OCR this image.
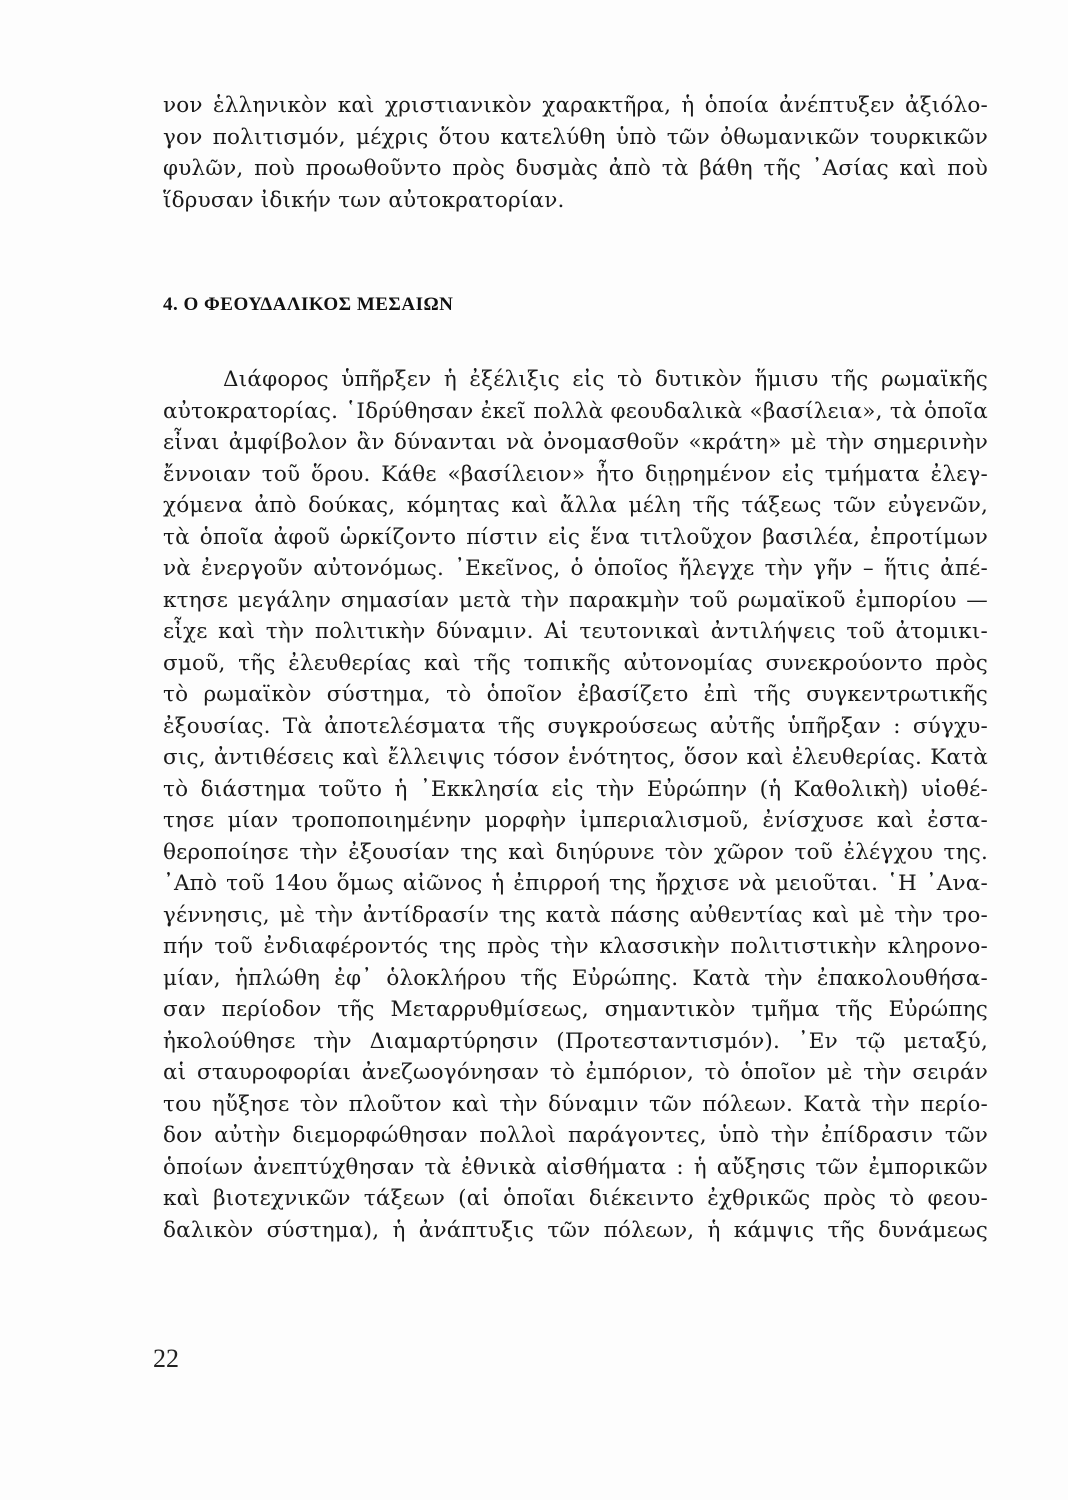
νον ἑλληνικὸν καὶ χριστιανικὸν χαρακτῆρα, ἡ ὁποία ἀνέπτυξεν ἀξιόλο-
γον πολιτισμόν, μέχρις ὅτου κατελύθη ὑπὸ τῶν ὀθωμανικῶν τουρκικῶν
φυλῶν, ποὺ προωθοῦντο πρὸς δυσμὰς ἀπὸ τὰ βάθη τῆς ᾿Ασίας καὶ ποὺ
ἵδρυσαν ἰδικήν των αὐτοκρατορίαν.
4. Ο ΦΕΟΥΔΑΛΙΚΟΣ ΜΕΣΑΙΩΝ
Διάφορος ὑπῆρξεν ἡ ἐξέλιξις εἰς τὸ δυτικὸν ἥμισυ τῆς ρωμαϊκῆς
αὐτοκρατορίας. ῾Ιδρύθησαν ἐκεῖ πολλὰ φεουδαλικὰ «βασίλεια», τὰ ὁποῖα
εἶναι ἀμφίβολον ἂν δύνανται νὰ ὀνομασθοῦν «κράτη» μὲ τὴν σημερινὴν
ἔννοιαν τοῦ ὅρου. Κάθε «βασίλειον» ἦτο διῃρημένον εἰς τμήματα ἐλεγ-
χόμενα ἀπὸ δούκας, κόμητας καὶ ἄλλα μέλη τῆς τάξεως τῶν εὐγενῶν,
τὰ ὁποῖα ἀφοῦ ὡρκίζοντο πίστιν εἰς ἕνα τιτλοῦχον βασιλέα, ἐπροτίμων
νὰ ἐνεργοῦν αὐτονόμως. ᾿Εκεῖνος, ὁ ὁποῖος ἤλεγχε τὴν γῆν – ἥτις ἀπέ-
κτησε μεγάλην σημασίαν μετὰ τὴν παρακμὴν τοῦ ρωμαϊκοῦ ἐμπορίου —
εἶχε καὶ τὴν πολιτικὴν δύναμιν. Αἱ τευτονικαὶ ἀντιλήψεις τοῦ ἀτομικι-
σμοῦ, τῆς ἐλευθερίας καὶ τῆς τοπικῆς αὐτονομίας συνεκρούοντο πρὸς
τὸ ρωμαϊκὸν σύστημα, τὸ ὁποῖον ἐβασίζετο ἐπὶ τῆς συγκεντρωτικῆς
ἐξουσίας. Τὰ ἀποτελέσματα τῆς συγκρούσεως αὐτῆς ὑπῆρξαν : σύγχυ-
σις, ἀντιθέσεις καὶ ἔλλειψις τόσον ἑνότητος, ὅσον καὶ ἐλευθερίας. Κατὰ
τὸ διάστημα τοῦτο ἡ ᾿Εκκλησία εἰς τὴν Εὐρώπην (ἡ Καθολικὴ) υἱοθέ-
τησε μίαν τροποποιημένην μορφὴν ἰμπεριαλισμοῦ, ἐνίσχυσε καὶ ἐστα-
θεροποίησε τὴν ἐξουσίαν της καὶ διηύρυνε τὸν χῶρον τοῦ ἐλέγχου της.
᾿Απὸ τοῦ 14ου ὅμως αἰῶνος ἡ ἐπιρροή της ἤρχισε νὰ μειοῦται. ῾Η ᾿Ανα-
γέννησις, μὲ τὴν ἀντίδρασίν της κατὰ πάσης αὐθεντίας καὶ μὲ τὴν τρο-
πήν τοῦ ἐνδιαφέροντός της πρὸς τὴν κλασσικὴν πολιτιστικὴν κληρονο-
μίαν, ἡπλώθη ἐφ᾿ ὁλοκλήρου τῆς Εὐρώπης. Κατὰ τὴν ἐπακολουθήσα-
σαν περίοδον τῆς Μεταρρυθμίσεως, σημαντικὸν τμῆμα τῆς Εὐρώπης
ἠκολούθησε τὴν Διαμαρτύρησιν (Προτεσταντισμόν). ᾿Εν τῷ μεταξύ,
αἱ σταυροφορίαι ἀνεζωογόνησαν τὸ ἐμπόριον, τὸ ὁποῖον μὲ τὴν σειράν
του ηὔξησε τὸν πλοῦτον καὶ τὴν δύναμιν τῶν πόλεων. Κατὰ τὴν περίο-
δον αὐτὴν διεμορφώθησαν πολλοὶ παράγοντες, ὑπὸ τὴν ἐπίδρασιν τῶν
ὁποίων ἀνεπτύχθησαν τὰ ἐθνικὰ αἰσθήματα : ἡ αὔξησις τῶν ἐμπορικῶν
καὶ βιοτεχνικῶν τάξεων (αἱ ὁποῖαι διέκειντο ἐχθρικῶς πρὸς τὸ φεου-
δαλικὸν σύστημα), ἡ ἀνάπτυξις τῶν πόλεων, ἡ κάμψις τῆς δυνάμεως
22
